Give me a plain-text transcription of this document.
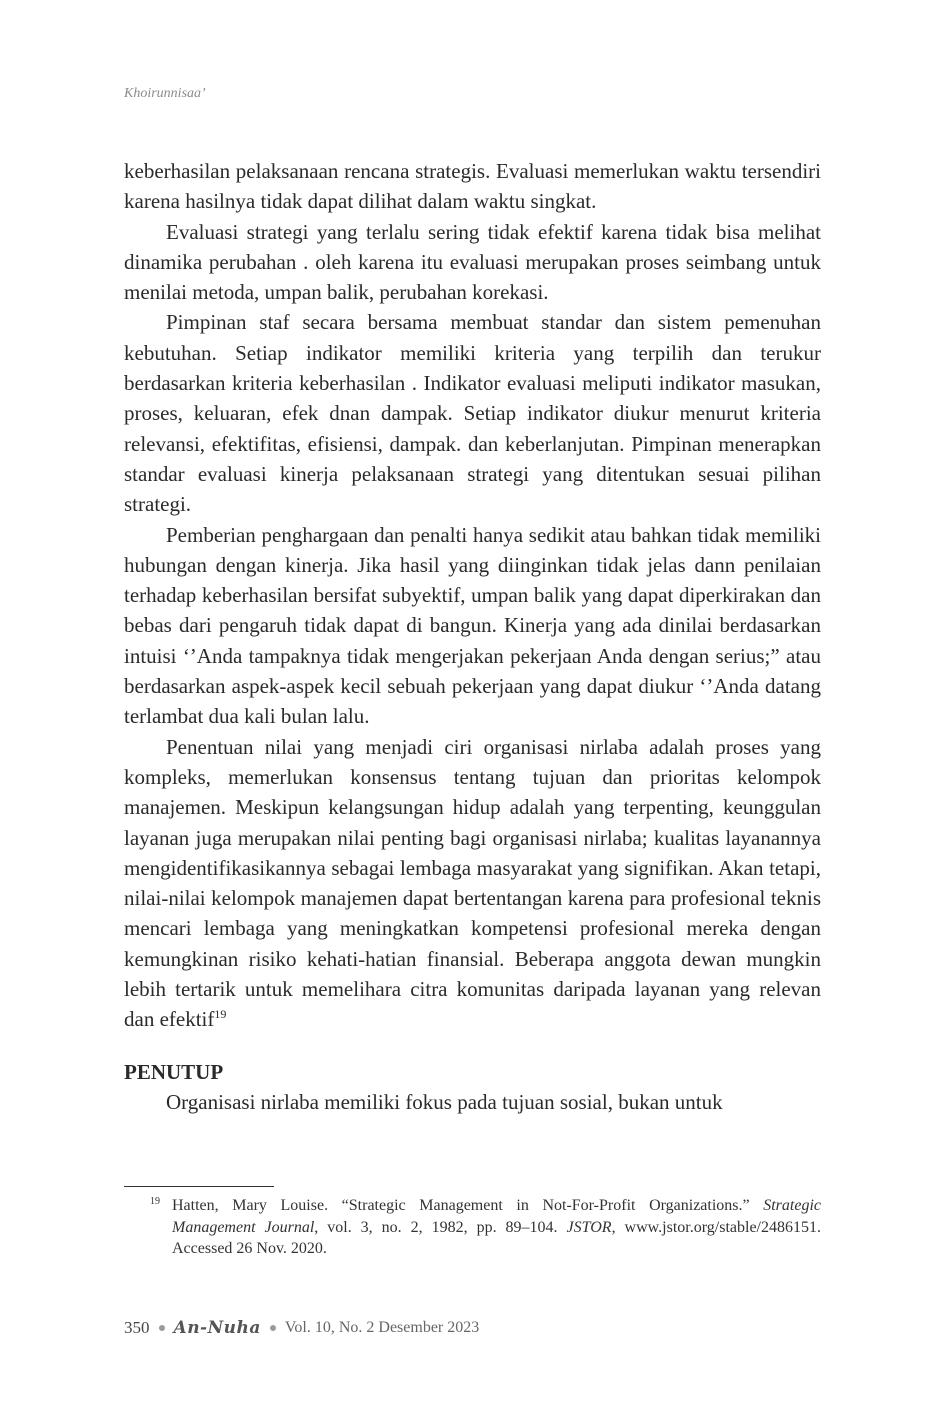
Khoirunnisaa’

keberhasilan pelaksanaan rencana strategis. Evaluasi memerlukan waktu tersendiri karena hasilnya tidak dapat dilihat dalam waktu singkat.

Evaluasi strategi yang terlalu sering tidak efektif karena tidak bisa melihat dinamika perubahan . oleh karena itu evaluasi merupakan proses seimbang untuk menilai metoda, umpan balik, perubahan korekasi.

Pimpinan staf secara bersama membuat standar dan sistem pemenuhan kebutuhan. Setiap indikator memiliki kriteria yang terpilih dan terukur berdasarkan kriteria keberhasilan . Indikator evaluasi meliputi indikator masukan, proses, keluaran, efek dnan dampak. Setiap indikator diukur menurut kriteria relevansi, efektifitas, efisiensi, dampak. dan keberlanjutan. Pimpinan menerapkan standar evaluasi kinerja pelaksanaan strategi yang ditentukan sesuai pilihan strategi.

Pemberian penghargaan dan penalti hanya sedikit atau bahkan tidak memiliki hubungan dengan kinerja. Jika hasil yang diinginkan tidak jelas dann penilaian terhadap keberhasilan bersifat subyektif, umpan balik yang dapat diperkirakan dan bebas dari pengaruh tidak dapat di bangun. Kinerja yang ada dinilai berdasarkan intuisi ‘’Anda tampaknya tidak mengerjakan pekerjaan Anda dengan serius;” atau berdasarkan aspek-aspek kecil sebuah pekerjaan yang dapat diukur ‘’Anda datang terlambat dua kali bulan lalu.

Penentuan nilai yang menjadi ciri organisasi nirlaba adalah proses yang kompleks, memerlukan konsensus tentang tujuan dan prioritas kelompok manajemen. Meskipun kelangsungan hidup adalah yang terpenting, keunggulan layanan juga merupakan nilai penting bagi organisasi nirlaba; kualitas layanannya mengidentifikasikannya sebagai lembaga masyarakat yang signifikan. Akan tetapi, nilai-nilai kelompok manajemen dapat bertentangan karena para profesional teknis mencari lembaga yang meningkatkan kompetensi profesional mereka dengan kemungkinan risiko kehati-hatian finansial. Beberapa anggota dewan mungkin lebih tertarik untuk memelihara citra komunitas daripada layanan yang relevan dan efektif$^{19}$

PENUTUP

Organisasi nirlaba memiliki fokus pada tujuan sosial, bukan untuk

19 Hatten, Mary Louise. “Strategic Management in Not-For-Profit Organizations.” Strategic Management Journal, vol. 3, no. 2, 1982, pp. 89–104. JSTOR, www.jstor.org/stable/2486151. Accessed 26 Nov. 2020.
350 An-Nuha Vol. 10, No. 2 Desember 2023
